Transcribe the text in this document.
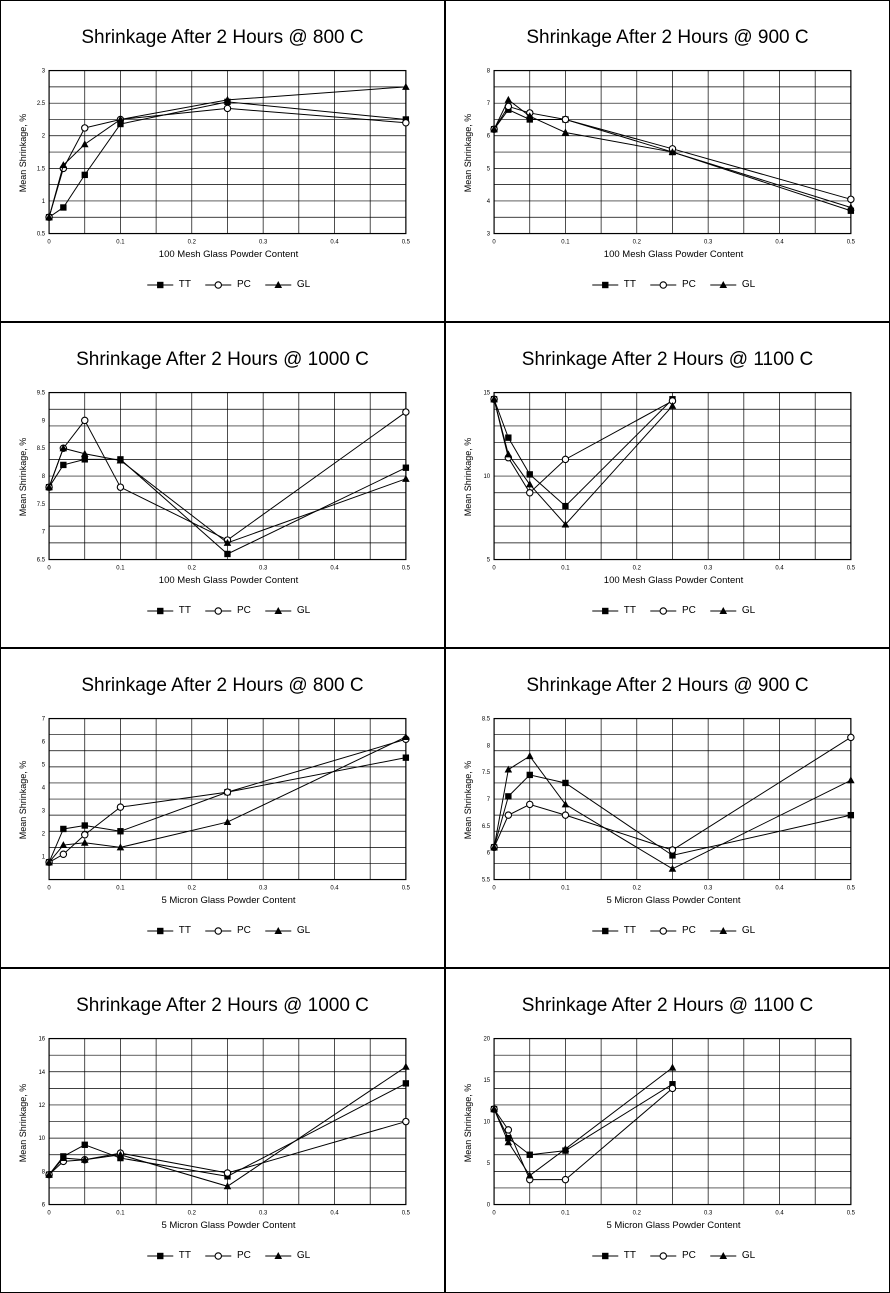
Shrinkage After 2 Hours @ 800 C
0	0.1	0.2	0.3	0.4	0.5
0.5
1
1.5
2
2.5
3
Mean Shrinkage, %
100 Mesh Glass Powder Content
TT	PC	GL
Shrinkage After 2 Hours @ 900 C
0	0.1	0.2	0.3	0.4	0.5
3
4
5
6
7
8
Mean Shrinkage, %
100 Mesh Glass Powder Content
TT	PC	GL
Shrinkage After 2 Hours @ 1000 C
0	0.1	0.2	0.3	0.4	0.5
6.5
7
7.5
8
8.5
9
9.5
Mean Shrinkage, %
100 Mesh Glass Powder Content
TT	PC	GL
Shrinkage After 2 Hours @ 1100 C
0	0.1	0.2	0.3	0.4	0.5
5
10
15
Mean Shrinkage, %
100 Mesh Glass Powder Content
TT	PC	GL
Shrinkage After 2 Hours @ 800 C
0	0.1	0.2	0.3	0.4	0.5
1
2
3
4
5
6
7
Mean Shrinkage, %
5 Micron Glass Powder Content
TT	PC	GL
Shrinkage After 2 Hours @ 900 C
0	0.1	0.2	0.3	0.4	0.5
5.5
6
6.5
7
7.5
8
8.5
Mean Shrinkage, %
5 Micron Glass Powder Content
TT	PC	GL
Shrinkage After 2 Hours @ 1000 C
0	0.1	0.2	0.3	0.4	0.5
6
8
10
12
14
16
Mean Shrinkage, %
5 Micron Glass Powder Content
TT	PC	GL
Shrinkage After 2 Hours @ 1100 C
0	0.1	0.2	0.3	0.4	0.5
0
5
10
15
20
Mean Shrinkage, %
5 Micron Glass Powder Content
TT	PC	GL
